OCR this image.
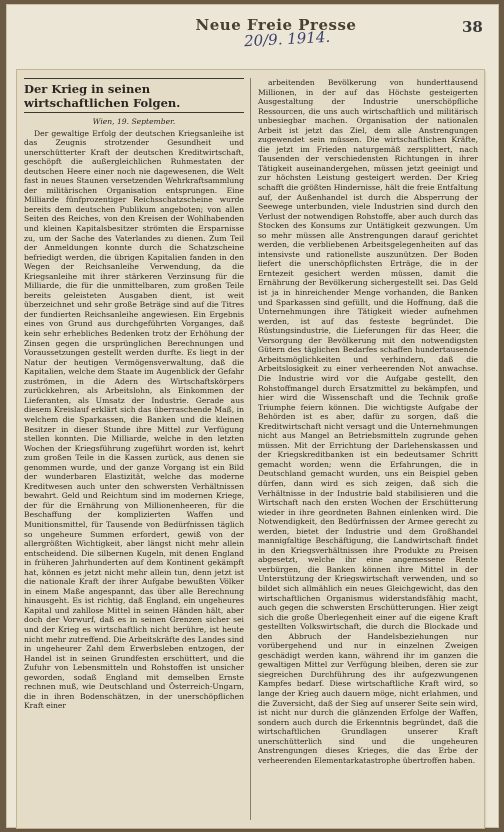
Neue Freie Presse
20/9. 1914.
38
Der Krieg in seinen wirtschaftlichen Folgen.
Wien, 19. September.

Der gewaltige Erfolg der deutschen Kriegsanleihe ist das Zeugnis strotzender Gesundheit und unerschütterter Kraft der deutschen Kreditwirtschaft, geschöpft die außergleichlichen Ruhmestaten der deutschen Heere einer noch nie dagewesenen, die Welt fast in neues Staunen versetzenden Wehrkraftsammlung der militärischen Organisation entsprungen. Eine Milliarde fünfprozentiger Reichsschatzscheine wurde bereits dem deutschen Publikum angeboten; von allen Seiten des Reiches, von den Kreisen der Wohlhabenden und kleinen Kapitalsbesitzer strömten die Ersparnisse zu, um der Sache des Vaterlandes zu dienen. Zum Teil der Anmeldungen konnte durch die Schatzscheine befriedigt werden, die übrigen Kapitalien fanden in den Wegen der Reichsanleihe Verwendung, da die Kriegsanleihe mit ihrer stärkeren Verzinsung für die Milliarde, die für die unmittelbaren, zum großen Teile bereits geleisteten Ausgaben dient, ist weit überzeichnet und sehr große Beträge sind auf die Titres der fundierten Reichsanleihe angewiesen. Ein Ergebnis eines von Grund aus durchgeführten Vorganges, daß kein sehr erhebliches Bedenken trotz der Erhöhung der Zinsen gegen die ursprünglichen Berechnungen und Voraussetzungen gestellt werden durfte. Es liegt in der Natur der heutigen Vermögensverwaltung, daß die Kapitalien, welche dem Staate im Augenblick der Gefahr zuströmen, in die Adern des Wirtschaftskörpers zurückkehren, als Arbeitslohn, als Einkommen der Lieferanten, als Umsatz der Industrie. Gerade aus diesem Kreislauf erklärt sich das überraschende Maß, in welchem die Sparkassen, die Banken und die kleinen Besitzer in dieser Stunde ihre Mittel zur Verfügung stellen konnten. Die Milliarde, welche in den letzten Wochen der Kriegsführung zugeführt worden ist, kehrt zum großen Teile in die Kassen zurück, aus denen sie genommen wurde, und der ganze Vorgang ist ein Bild der wunderbaren Elastizität, welche das moderne Kreditwesen auch unter den schwersten Verhältnissen bewahrt. Geld und Reichtum sind im modernen Kriege, der für die Ernährung von Millionenheeren, für die Beschaffung der komplizierten Waffen und Munitionsmittel, für Tausende von Bedürfnissen täglich so ungeheure Summen erfordert, gewiß von der allergrößten Wichtigkeit, aber längst nicht mehr allein entscheidend. Die silbernen Kugeln, mit denen England in früheren Jahrhunderten auf dem Kontinent gekämpft hat, können es jetzt nicht mehr allein tun, denn jetzt ist die nationale Kraft der ihrer Aufgabe bewußten Völker in einem Maße angespannt, das über alle Berechnung hinausgeht. Es ist richtig, daß England, ein ungeheures Kapital und zahllose Mittel in seinen Händen hält, aber doch der Vorwurf, daß es in seinen Grenzen sicher sei und der Krieg es wirtschaftlich nicht berühre, ist heute nicht mehr zutreffend. Die Arbeitskräfte des Landes sind in ungeheurer Zahl dem Erwerbsleben entzogen, der Handel ist in seinen Grundfesten erschüttert, und die Zufuhr von Lebensmitteln und Rohstoffen ist unsicher geworden, sodaß England mit demselben Ernste rechnen muß, wie Deutschland und Österreich-Ungarn, die in ihren Bodenschätzen, in der unerschöpflichen Kraft einer

arbeitenden Bevölkerung von hunderttausend Millionen, in der auf das Höchste gesteigerten Ausgestaltung der Industrie unerschöpfliche Ressourcen, die uns auch wirtschaftlich und militärisch unbesiegbar machen. Organisation der nationalen Arbeit ist jetzt das Ziel, dem alle Anstrengungen zugewendet sein müssen. Die wirtschaftlichen Kräfte, die jetzt im Frieden naturgemäß zersplittert, nach Tausenden der verschiedensten Richtungen in ihrer Tätigkeit auseinandergehen, müssen jetzt geeinigt und zur höchsten Leistung gesteigert werden. Der Krieg schafft die größten Hindernisse, hält die freie Entfaltung auf, der Außenhandel ist durch die Absperrung der Seewege unterbunden, viele Industrien sind durch den Verlust der notwendigen Rohstoffe, aber auch durch das Stocken des Konsums zur Untätigkeit gezwungen. Um so mehr müssen alle Anstrengungen darauf gerichtet werden, die verbliebenen Arbeitsgelegenheiten auf das intensivste und rationellste auszunützen. Der Boden liefert die unerschöpflichsten Erträge, die in der Erntezeit gesichert werden müssen, damit die Ernährung der Bevölkerung sichergestellt sei. Das Geld ist ja in hinreichender Menge vorhanden, die Banken und Sparkassen sind gefüllt, und die Hoffnung, daß die Unternehmungen ihre Tätigkeit wieder aufnehmen werden, ist auf das festeste begründet. Die Rüstungsindustrie, die Lieferungen für das Heer, die Versorgung der Bevölkerung mit den notwendigsten Gütern des täglichen Bedarfes schaffen hundertausende Arbeitsmöglichkeiten und verhindern, daß die Arbeitslosigkeit zu einer verheerenden Not anwachse. Die Industrie wird vor die Aufgabe gestellt, den Rohstoffmangel durch Ersatzmittel zu bekämpfen, und hier wird die Wissenschaft und die Technik große Triumphe feiern können. Die wichtigste Aufgabe der Behörden ist es aber, dafür zu sorgen, daß die Kreditwirtschaft nicht versagt und die Unternehmungen nicht aus Mangel an Betriebsmitteln zugrunde gehen müssen. Mit der Errichtung der Darlehenskassen und der Kriegskreditbanken ist ein bedeutsamer Schritt gemacht worden; wenn die Erfahrungen, die in Deutschland gemacht wurden, uns ein Beispiel geben dürfen, dann wird es sich zeigen, daß sich die Verhältnisse in der Industrie bald stabilisieren und die Wirtschaft nach den ersten Wochen der Erschütterung wieder in ihre geordneten Bahnen einlenken wird. Die Notwendigkeit, den Bedürfnissen der Armee gerecht zu werden, bietet der Industrie und dem Großhandel mannigfaltige Beschäftigung, die Landwirtschaft findet in den Kriegsverhältnissen ihre Produkte zu Preisen abgesetzt, welche ihr eine angemessene Rente verbürgen, die Banken können ihre Mittel in der Unterstützung der Kriegswirtschaft verwenden, und so bildet sich allmählich ein neues Gleichgewicht, das den wirtschaftlichen Organismus widerstandsfähig macht, auch gegen die schwersten Erschütterungen. Hier zeigt sich die große Überlegenheit einer auf die eigene Kraft gestellten Volkswirtschaft, die durch die Blockade und den Abbruch der Handelsbeziehungen nur vorübergehend und nur in einzelnen Zweigen geschädigt werden kann, während ihr im ganzen die gewaltigen Mittel zur Verfügung bleiben, deren sie zur siegreichen Durchführung des ihr aufgezwungenen Kampfes bedarf. Diese wirtschaftliche Kraft wird, so lange der Krieg auch dauern möge, nicht erlahmen, und die Zuversicht, daß der Sieg auf unserer Seite sein wird, ist nicht nur durch die glänzenden Erfolge der Waffen, sondern auch durch die Erkenntnis begründet, daß die wirtschaftlichen Grundlagen unserer Kraft unerschütterlich sind und die ungeheuren Anstrengungen dieses Krieges, die das Erbe der verheerenden Elementarkatastrophe übertroffen haben.
